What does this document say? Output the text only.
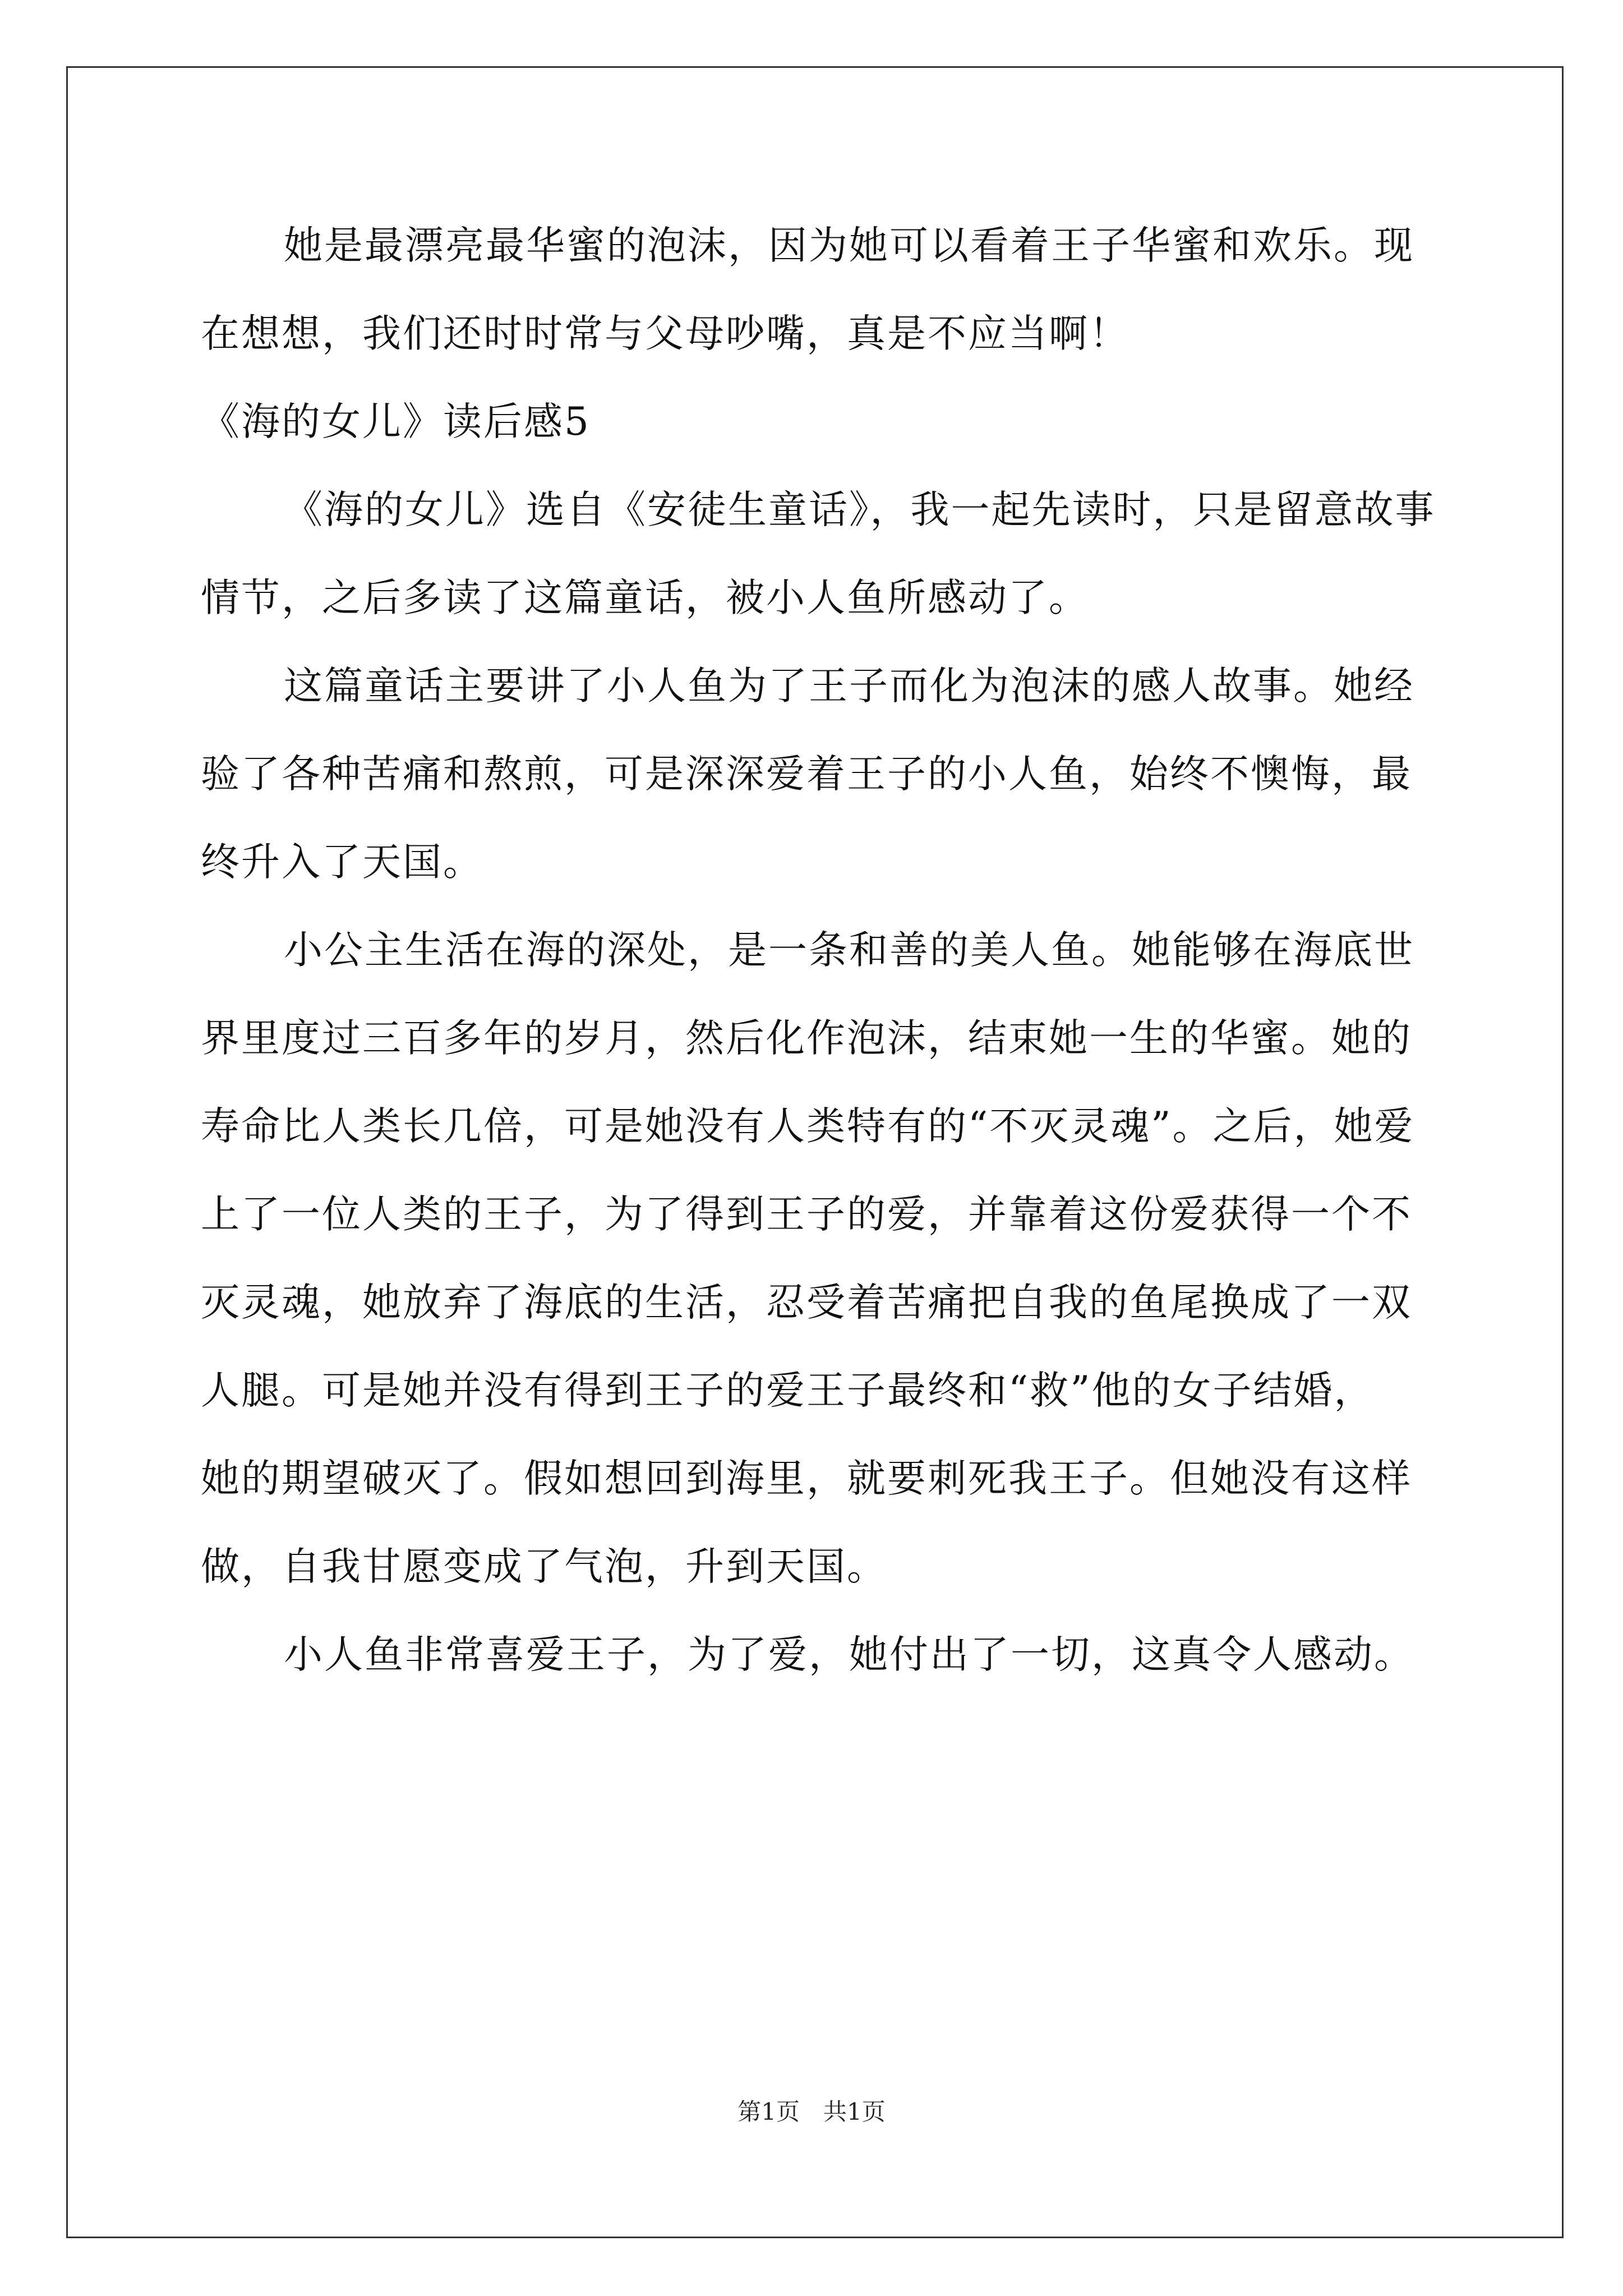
她是最漂亮最华蜜的泡沫，因为她可以看着王子华蜜和欢乐。现
在想想，我们还时时常与父母吵嘴，真是不应当啊！
《海的女儿》读后感5
《海的女儿》选自《安徒生童话》，我一起先读时，只是留意故事
情节，之后多读了这篇童话，被小人鱼所感动了。
这篇童话主要讲了小人鱼为了王子而化为泡沫的感人故事。她经
验了各种苦痛和熬煎，可是深深爱着王子的小人鱼，始终不懊悔，最
终升入了天国。
小公主生活在海的深处，是一条和善的美人鱼。她能够在海底世
界里度过三百多年的岁月，然后化作泡沫，结束她一生的华蜜。她的
寿命比人类长几倍，可是她没有人类特有的“不灭灵魂”。之后，她爱
上了一位人类的王子，为了得到王子的爱，并靠着这份爱获得一个不
灭灵魂，她放弃了海底的生活，忍受着苦痛把自我的鱼尾换成了一双
人腿。可是她并没有得到王子的爱王子最终和“救”他的女子结婚，
她的期望破灭了。假如想回到海里，就要刺死我王子。但她没有这样
做，自我甘愿变成了气泡，升到天国。
小人鱼非常喜爱王子，为了爱，她付出了一切，这真令人感动。
第1页　共1页
